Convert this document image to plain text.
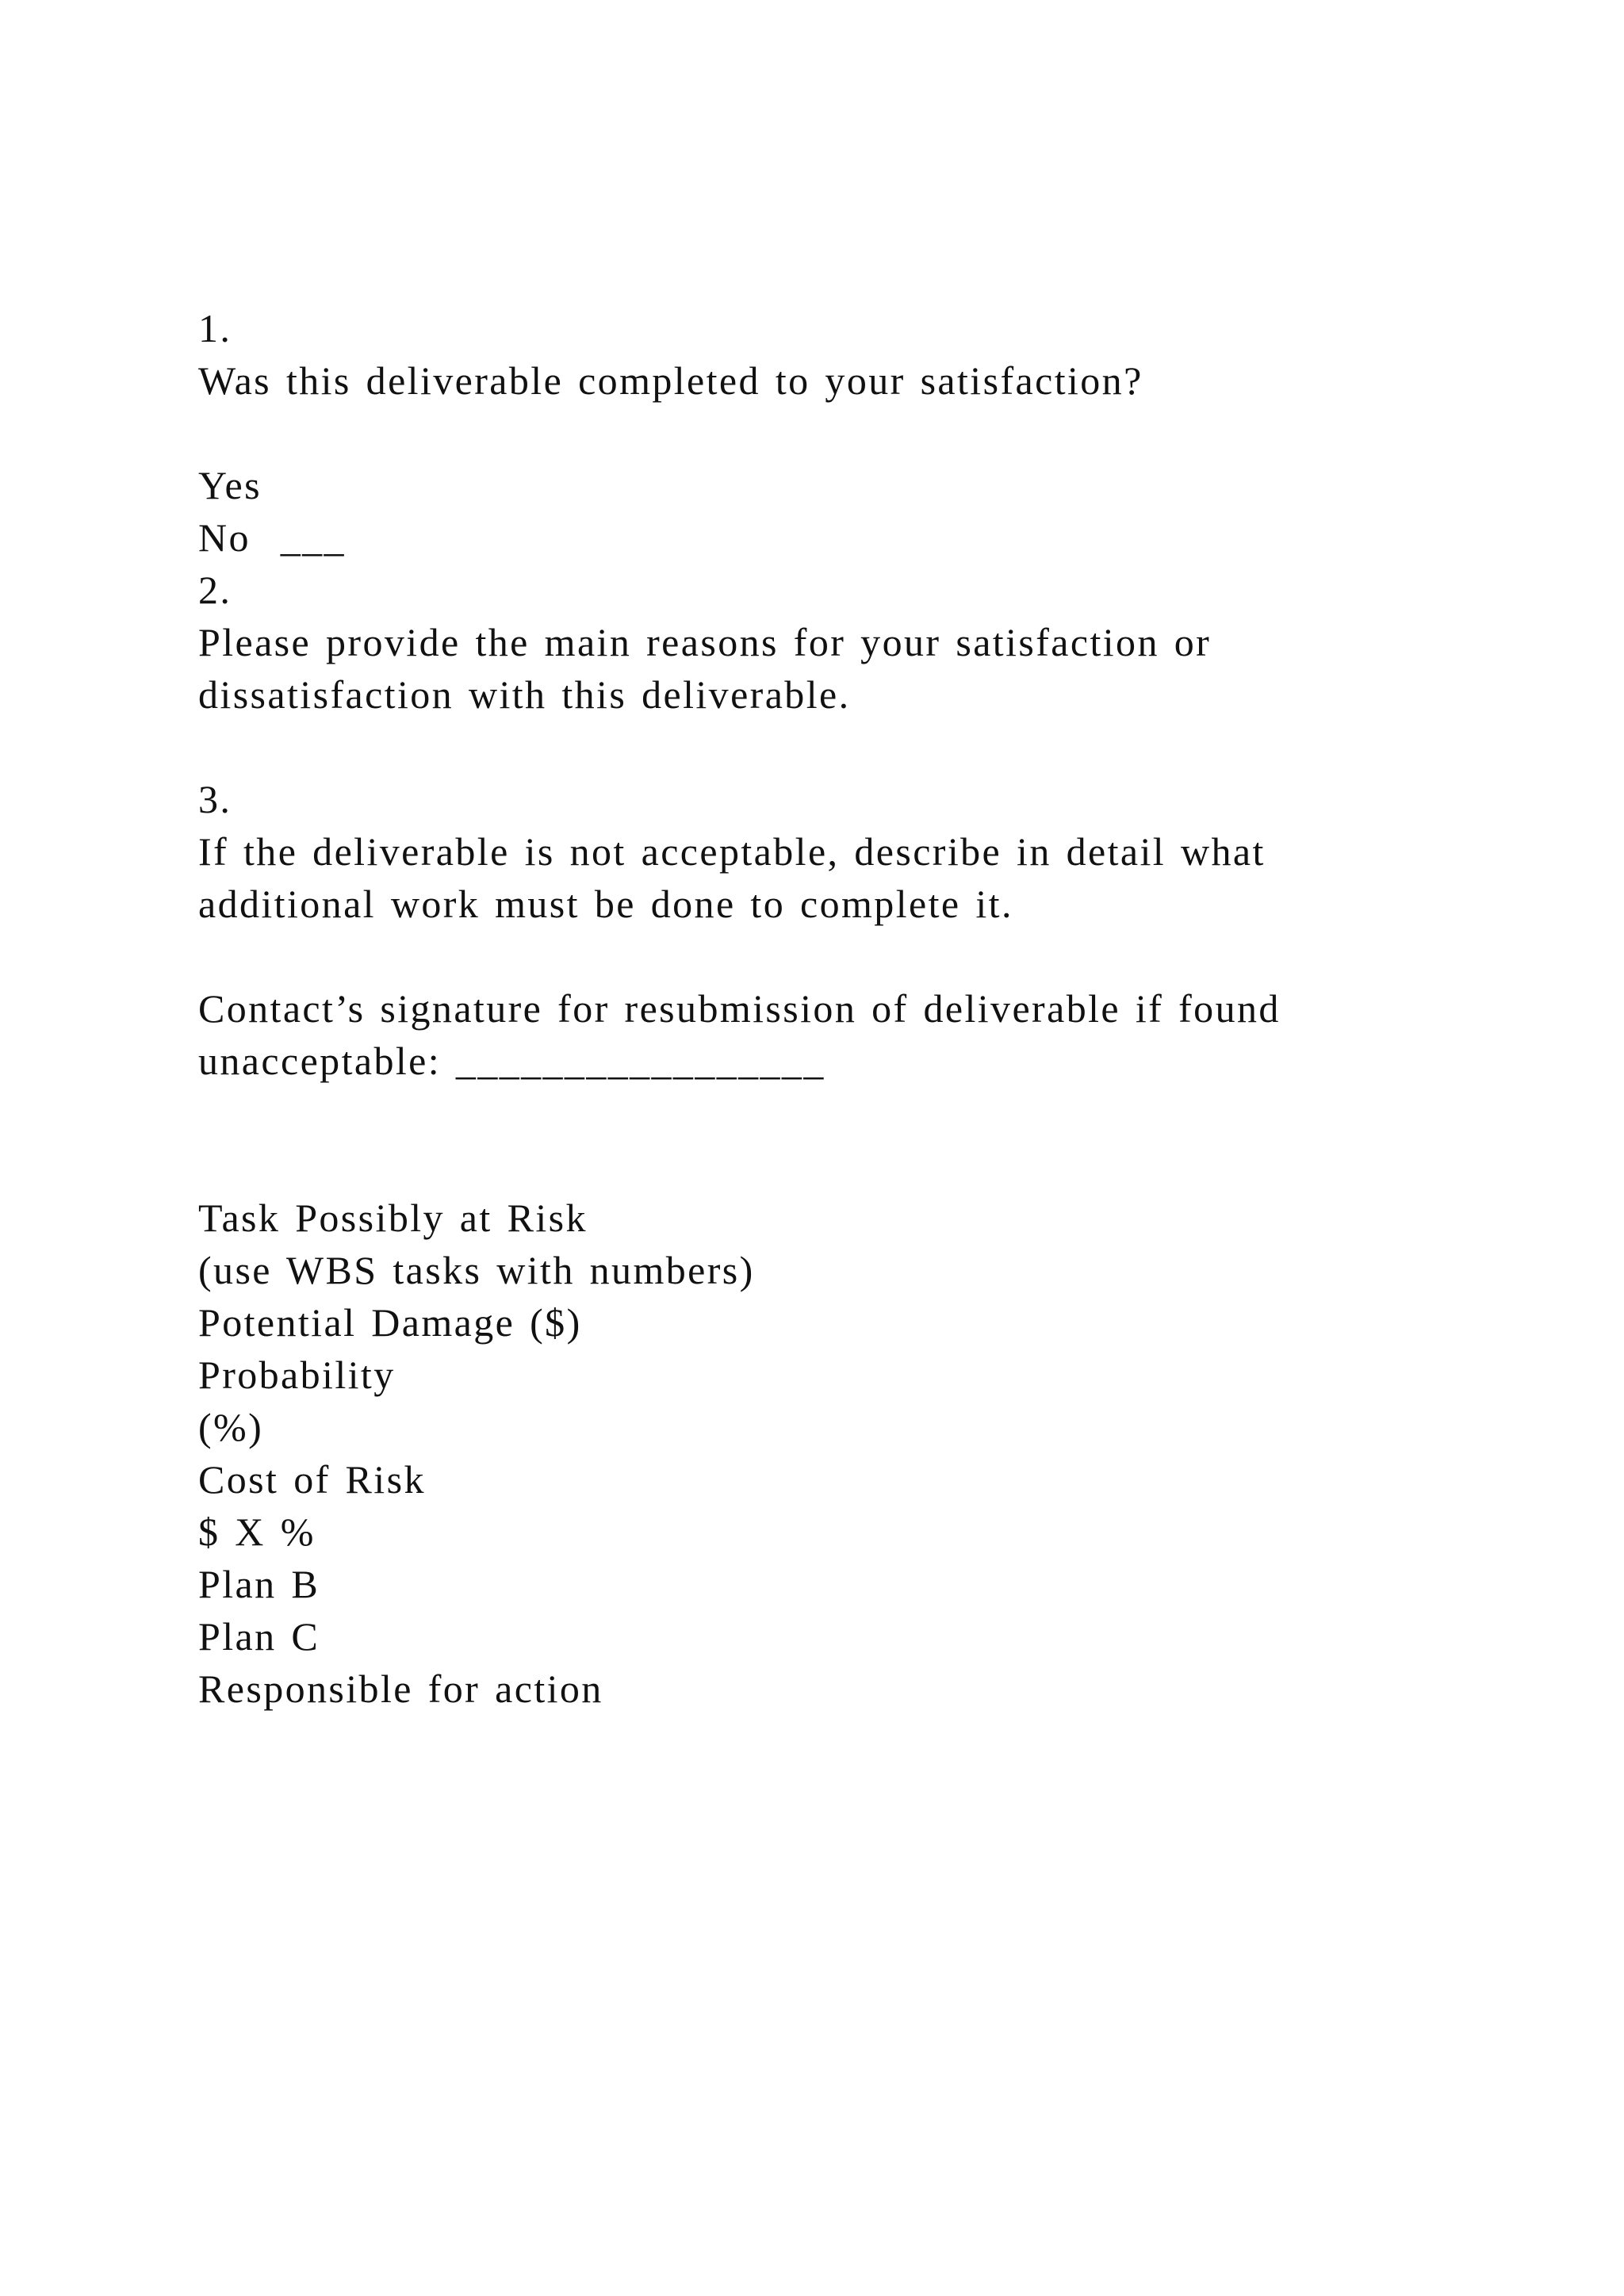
1.

Was this deliverable completed to your satisfaction?

Yes

No  ___

2.

Please provide the main reasons for your satisfaction or

dissatisfaction with this deliverable.

3.

If the deliverable is not acceptable, describe in detail what

additional work must be done to complete it.

Contact’s signature for resubmission of deliverable if found

unacceptable: _________________

Task Possibly at Risk

(use WBS tasks with numbers)

Potential Damage ($)

Probability

(%)

Cost of Risk

$ X %

Plan B

Plan C

Responsible for action
